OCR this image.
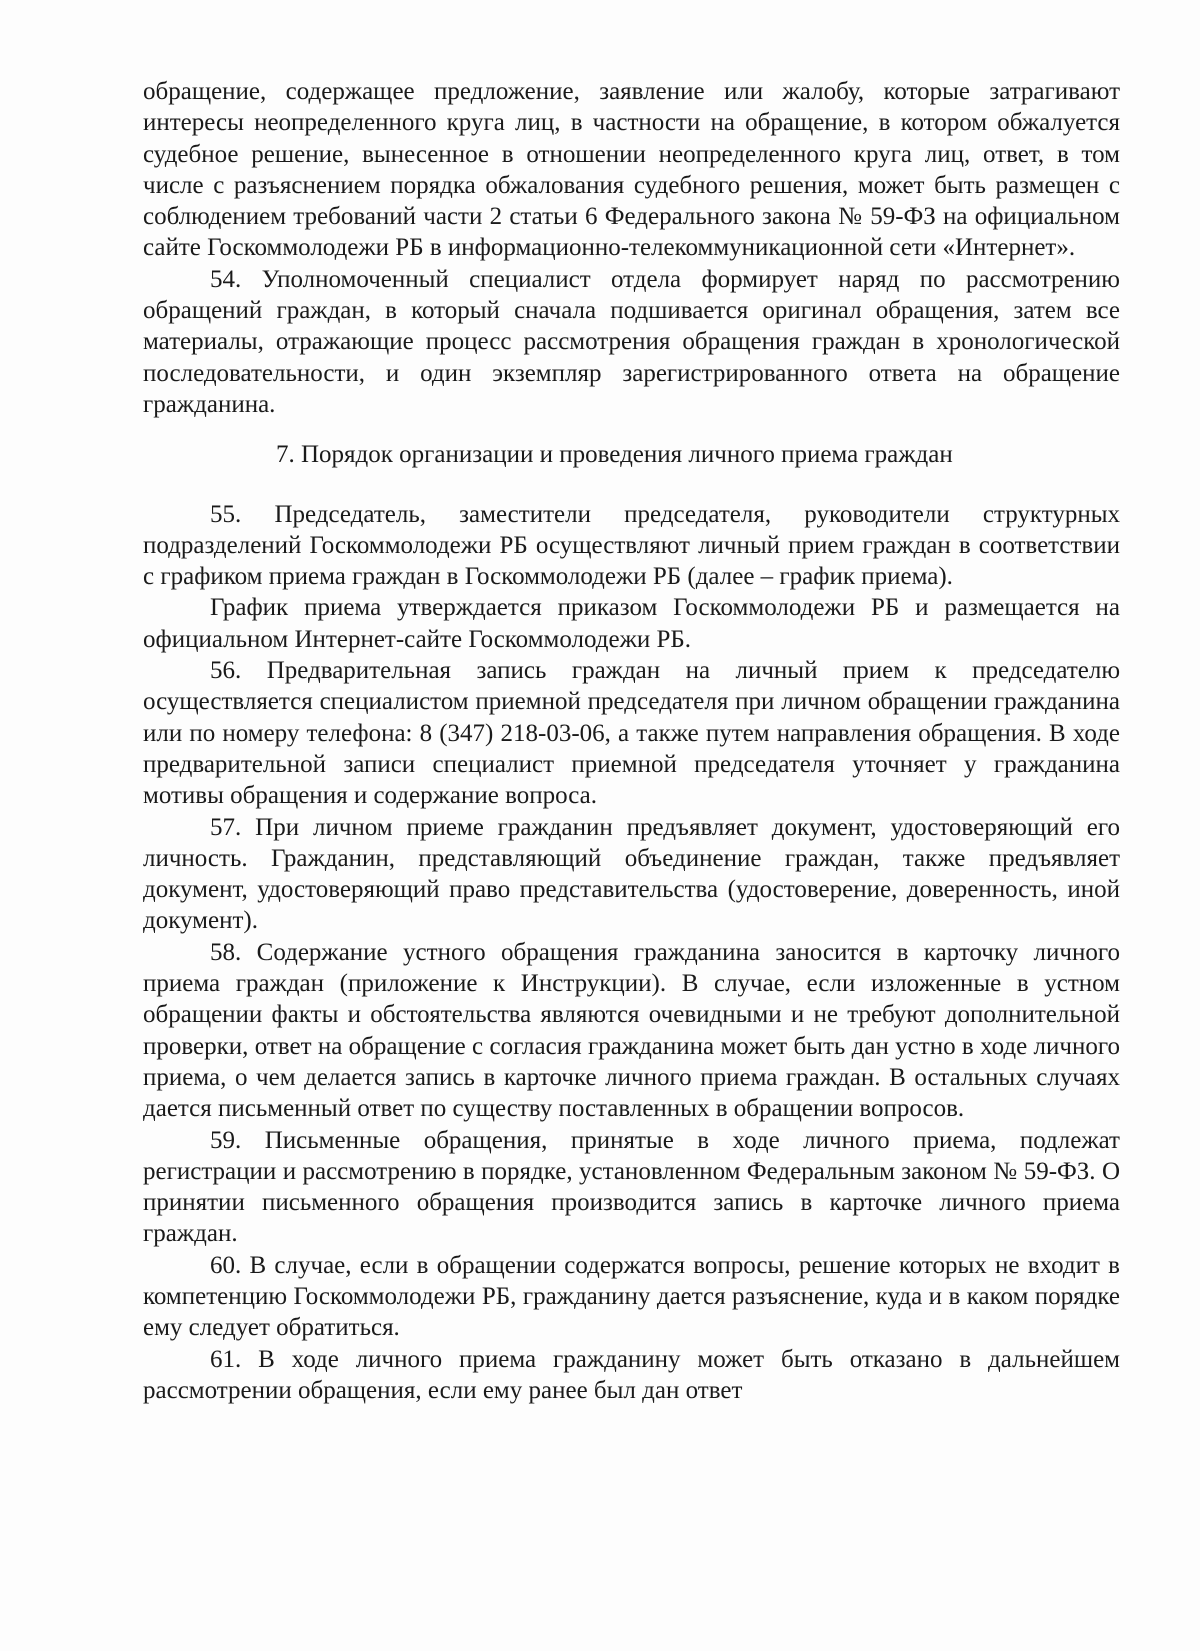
обращение, содержащее предложение, заявление или жалобу, которые затрагивают интересы неопределенного круга лиц, в частности на обращение, в котором обжалуется судебное решение, вынесенное в отношении неопределенного круга лиц, ответ, в том числе с разъяснением порядка обжалования судебного решения, может быть размещен с соблюдением требований части 2 статьи 6 Федерального закона № 59-ФЗ на официальном сайте Госкоммолодежи РБ в информационно-телекоммуникационной сети «Интернет».

54. Уполномоченный специалист отдела формирует наряд по рассмотрению обращений граждан, в который сначала подшивается оригинал обращения, затем все материалы, отражающие процесс рассмотрения обращения граждан в хронологической последовательности, и один экземпляр зарегистрированного ответа на обращение гражданина.

7. Порядок организации и проведения личного приема граждан

55. Председатель, заместители председателя, руководители структурных подразделений Госкоммолодежи РБ осуществляют личный прием граждан в соответствии с графиком приема граждан в Госкоммолодежи РБ (далее – график приема).

График приема утверждается приказом Госкоммолодежи РБ и размещается на официальном Интернет-сайте Госкоммолодежи РБ.

56. Предварительная запись граждан на личный прием к председателю осуществляется специалистом приемной председателя при личном обращении гражданина или по номеру телефона: 8 (347) 218-03-06, а также путем направления обращения. В ходе предварительной записи специалист приемной председателя уточняет у гражданина мотивы обращения и содержание вопроса.

57. При личном приеме гражданин предъявляет документ, удостоверяющий его личность. Гражданин, представляющий объединение граждан, также предъявляет документ, удостоверяющий право представительства (удостоверение, доверенность, иной документ).

58. Содержание устного обращения гражданина заносится в карточку личного приема граждан (приложение к Инструкции). В случае, если изложенные в устном обращении факты и обстоятельства являются очевидными и не требуют дополнительной проверки, ответ на обращение с согласия гражданина может быть дан устно в ходе личного приема, о чем делается запись в карточке личного приема граждан. В остальных случаях дается письменный ответ по существу поставленных в обращении вопросов.

59. Письменные обращения, принятые в ходе личного приема, подлежат регистрации и рассмотрению в порядке, установленном Федеральным законом № 59-ФЗ. О принятии письменного обращения производится запись в карточке личного приема граждан.

60. В случае, если в обращении содержатся вопросы, решение которых не входит в компетенцию Госкоммолодежи РБ, гражданину дается разъяснение, куда и в каком порядке ему следует обратиться.

61. В ходе личного приема гражданину может быть отказано в дальнейшем рассмотрении обращения, если ему ранее был дан ответ
